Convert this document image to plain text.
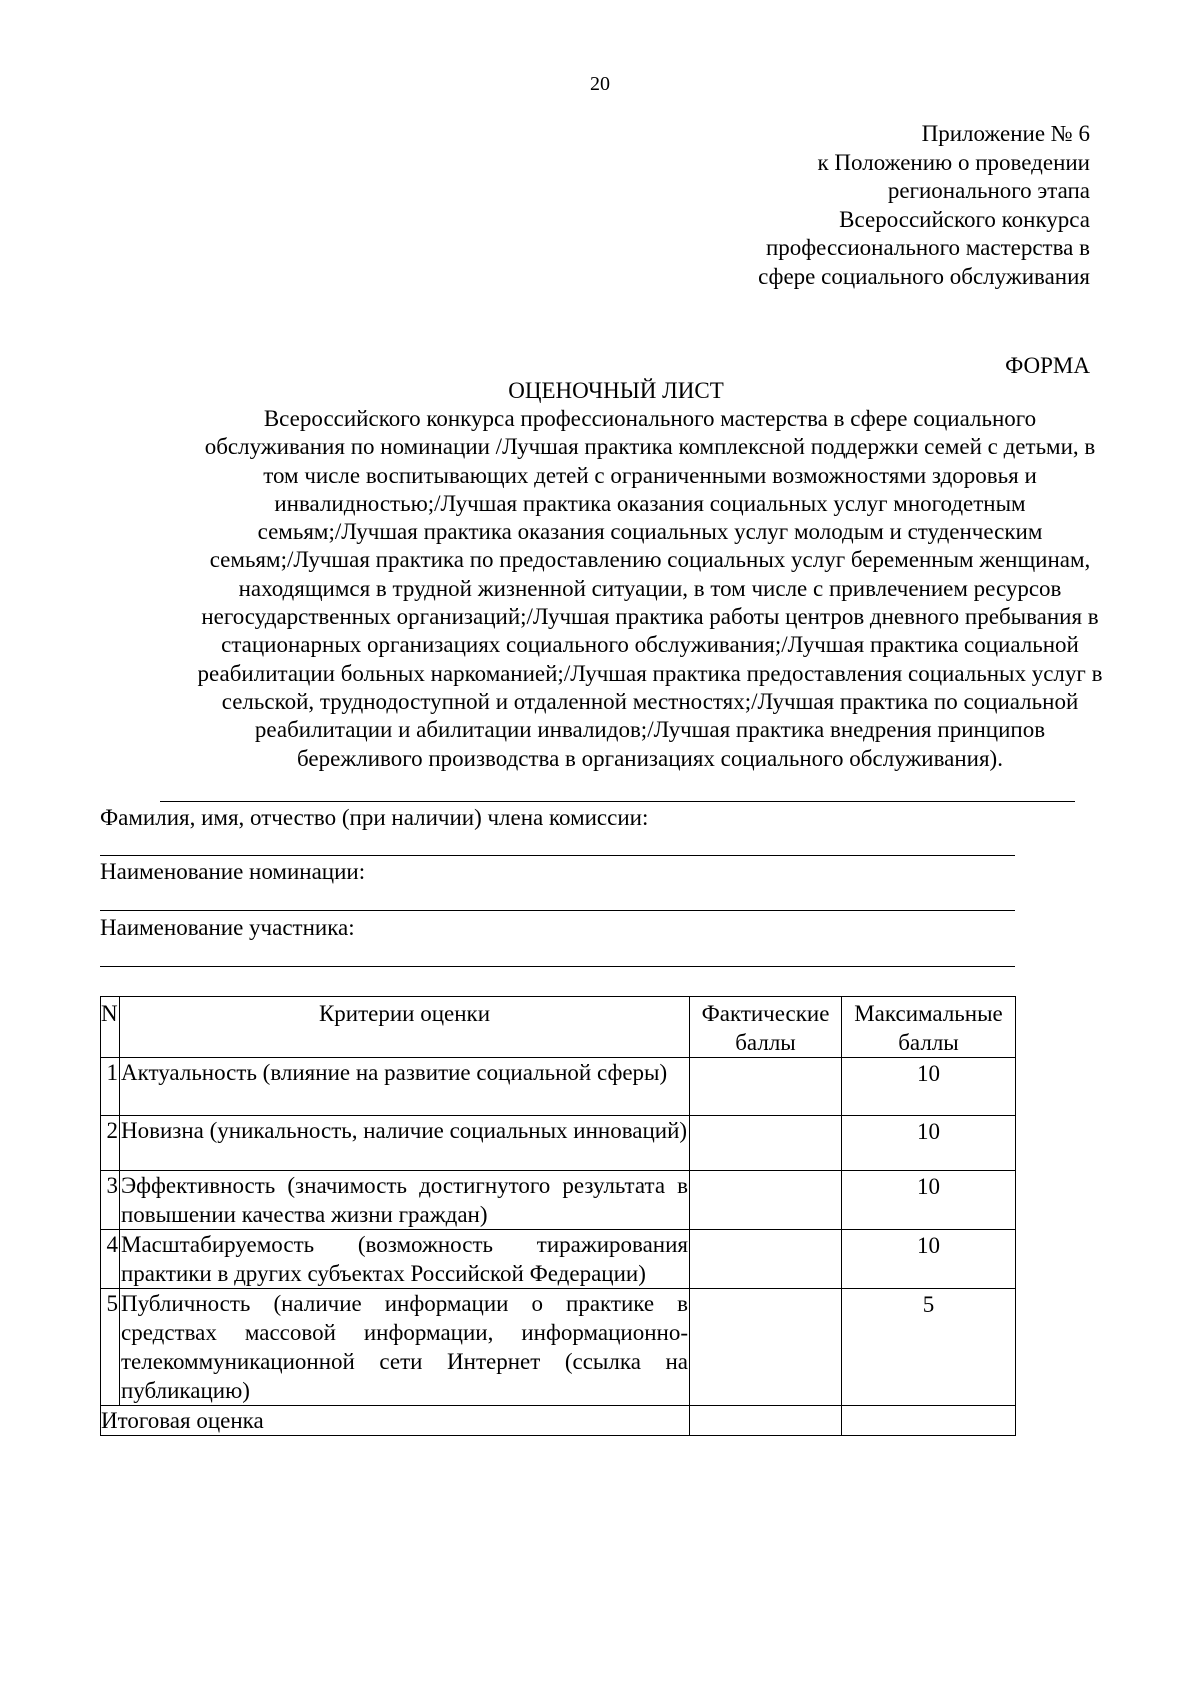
20
Приложение № 6
к Положению о проведении
регионального этапа
Всероссийского конкурса
профессионального мастерства в
сфере социального обслуживания
ФОРМА
ОЦЕНОЧНЫЙ ЛИСТ
Всероссийского конкурса профессионального мастерства в сфере социального
обслуживания по номинации /Лучшая практика комплексной поддержки семей с детьми, в
том числе воспитывающих детей с ограниченными возможностями здоровья и
инвалидностью;/Лучшая практика оказания социальных услуг многодетным
семьям;/Лучшая практика оказания социальных услуг молодым и студенческим
семьям;/Лучшая практика по предоставлению социальных услуг беременным женщинам,
находящимся в трудной жизненной ситуации, в том числе с привлечением ресурсов
негосударственных организаций;/Лучшая практика работы центров дневного пребывания в
стационарных организациях социального обслуживания;/Лучшая практика социальной
реабилитации больных наркоманией;/Лучшая практика предоставления социальных услуг в
сельской, труднодоступной и отдаленной местностях;/Лучшая практика по социальной
реабилитации и абилитации инвалидов;/Лучшая практика внедрения принципов
бережливого производства в организациях социального обслуживания).
Фамилия, имя, отчество (при наличии) члена комиссии:
Наименование номинации:
Наименование участника:
N	Критерии оценки	Фактические баллы	Максимальные баллы
1	Актуальность (влияние на развитие социальной сферы)		10
2	Новизна (уникальность, наличие социальных инноваций)		10
3	Эффективность (значимость достигнутого результата в повышении качества жизни граждан)		10
4	Масштабируемость (возможность тиражирования практики в других субъектах Российской Федерации)		10
5	Публичность (наличие информации о практике в средствах массовой информации, информационно-телекоммуникационной сети Интернет (ссылка на публикацию)		5
Итоговая оценка			
